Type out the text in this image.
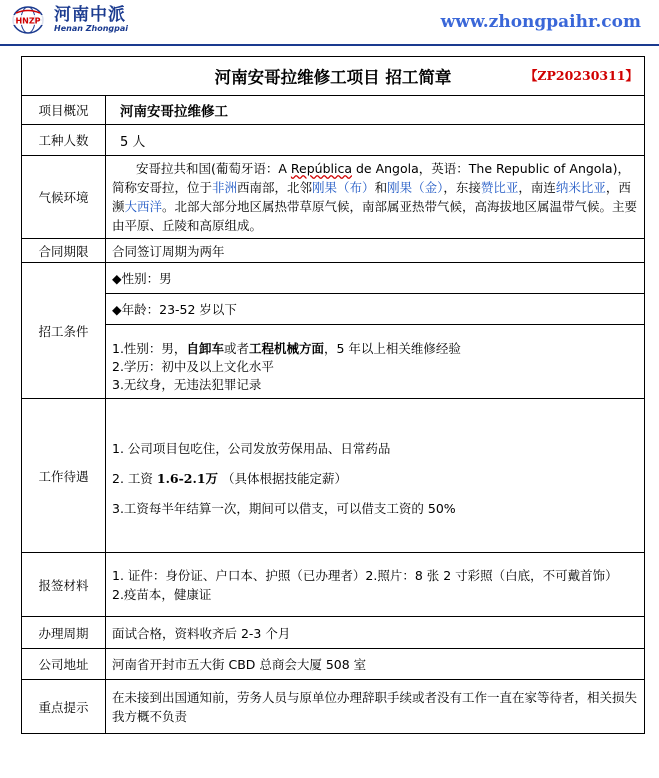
HNZP 河南中派
Henan Zhongpai	www.zhongpaihr.com
河南安哥拉维修工项目 招工简章 【ZP20230311】	

项目概况	河南安哥拉维修工
工种人数	5 人
气候环境	安哥拉共和国(葡萄牙语：A República de Angola，英语：The Republic of Angola)，简称安哥拉，位于非洲西南部，北邻刚果（布）和刚果（金），东接赞比亚，南连纳米比亚，西濒大西洋。北部大部分地区属热带草原气候，南部属亚热带气候，高海拔地区属温带气候。主要由平原、丘陵和高原组成。
合同期限	合同签订周期为两年
招工条件	◆性别：男
	◆年龄：23-52 岁以下

	1.性别：男，自卸车或者工程机械方面，5 年以上相关维修经验
2.学历：初中及以上文化水平
3.无纹身，无违法犯罪记录

工作待遇	1. 公司项目包吃住，公司发放劳保用品、日常药品
2. 工资 1.6-2.1万 （具体根据技能定薪）
3.工资每半年结算一次，期间可以借支，可以借支工资的 50%

报签材料	1. 证件：身份证、户口本、护照（已办理者）2.照片：8 张 2 寸彩照（白底，不可戴首饰）
2.疫苗本，健康证

办理周期	面试合格，资料收齐后 2-3 个月
公司地址	河南省开封市五大街 CBD 总商会大厦 508 室
重点提示	在未接到出国通知前，劳务人员与原单位办理辞职手续或者没有工作一直在家等待者，相关损失我方概不负责
